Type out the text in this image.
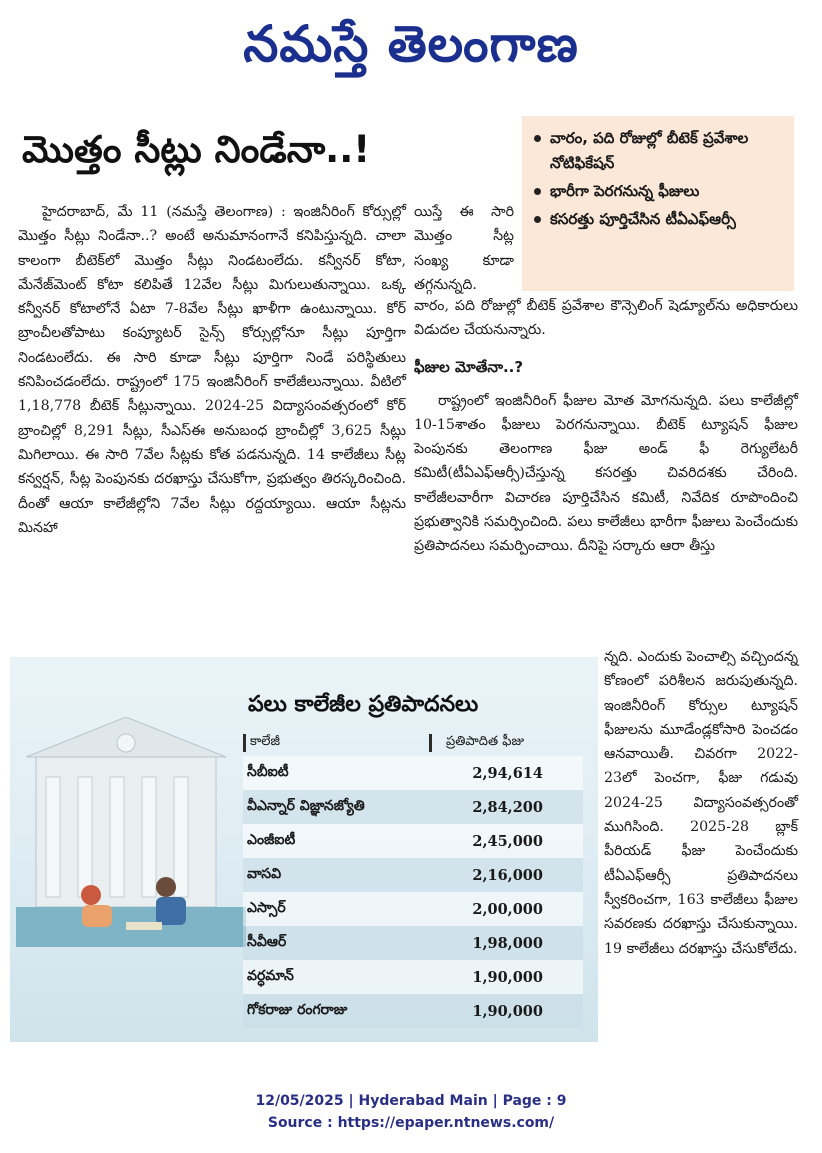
నమస్తే తెలంగాణ
మొత్తం సీట్లు నిండేనా..!	వారం, పది రోజుల్లో బీటెక్ ప్రవేశాల నోటిఫికేషన్
భారీగా పెరగనున్న ఫీజులు
కసరత్తు పూర్తిచేసిన టీఏఎఫ్ఆర్సీ
హైదరాబాద్, మే 11 (నమస్తే తెలంగాణ) : ఇంజినీరింగ్ కోర్సుల్లో మొత్తం సీట్లు నిండేనా..? అంటే అనుమానంగానే కనిపిస్తున్నది. చాలా కాలంగా బీటెక్‌లో మొత్తం సీట్లు నిండటంలేదు. కన్వీనర్ కోటా, మేనేజ్‌మెంట్ కోటా కలిపితే 12వేల సీట్లు మిగులుతున్నాయి. ఒక్క కన్వీనర్ కోటాలోనే ఏటా 7-8వేల సీట్లు ఖాళీగా ఉంటున్నాయి. కోర్ బ్రాంచీలతోపాటు కంప్యూటర్ సైన్స్ కోర్సుల్లోనూ సీట్లు పూర్తిగా నిండటంలేదు. ఈ సారి కూడా సీట్లు పూర్తిగా నిండే పరిస్థితులు కనిపించడంలేదు. రాష్ట్రంలో 175 ఇంజినీరింగ్ కాలేజీలున్నాయి. వీటిలో 1,18,778 బీటెక్ సీట్లున్నాయి. 2024-25 విద్యాసంవత్సరంలో కోర్ బ్రాంచిల్లో 8,291 సీట్లు, సీఎస్ఈ అనుబంధ బ్రాంచీల్లో 3,625 సీట్లు మిగిలాయి. ఈ సారి 7వేల సీట్లకు కోత పడనున్నది. 14 కాలేజీలు సీట్ల కన్వర్షన్, సీట్ల పెంపునకు దరఖాస్తు చేసుకోగా, ప్రభుత్వం తిరస్కరించింది. దీంతో ఆయా కాలేజీల్లోని 7వేల సీట్లు రద్దయ్యాయి. ఆయా సీట్లను మినహా
యిస్తే ఈ సారి మొత్తం సీట్ల సంఖ్య కూడా తగ్గనున్నది.

వారం, పది రోజుల్లో బీటెక్ ప్రవేశాల కౌన్సెలింగ్ షెడ్యూల్‌ను అధికారులు విడుదల చేయనున్నారు.

ఫీజుల మోతేనా..?

రాష్ట్రంలో ఇంజినీరింగ్ ఫీజుల మోత మోగనున్నది. పలు కాలేజీల్లో 10-15శాతం ఫీజులు పెరగనున్నాయి. బీటెక్ ట్యూషన్ ఫీజుల పెంపునకు తెలంగాణ ఫీజు అండ్ ఫీ రెగ్యులేటరీ కమిటీ(టీఏఎఫ్ఆర్సీ)చేస్తున్న కసరత్తు చివరిదశకు చేరింది. కాలేజీలవారీగా విచారణ పూర్తిచేసిన కమిటీ, నివేదిక రూపొందించి ప్రభుత్వానికి సమర్పించింది. పలు కాలేజీలు భారీగా ఫీజులు పెంచేందుకు ప్రతిపాదనలు సమర్పించాయి. దీనిపై సర్కారు ఆరా తీస్తు

న్నది. ఎందుకు పెంచాల్సి వచ్చిందన్న కోణంలో పరిశీలన జరుపుతున్నది. ఇంజినీరింగ్ కోర్సుల ట్యూషన్ ఫీజులను మూడేండ్లకోసారి పెంచడం ఆనవాయితీ. చివరగా 2022-23లో పెంచగా, ఫీజు గడువు 2024-25 విద్యాసంవత్సరంతో ముగిసింది. 2025-28 బ్లాక్ పీరియడ్ ఫీజు పెంచేందుకు టీఏఎఫ్ఆర్సీ ప్రతిపాదనలు స్వీకరించగా, 163 కాలేజీలు ఫీజుల సవరణకు దరఖాస్తు చేసుకున్నాయి. 19 కాలేజీలు దరఖాస్తు చేసుకోలేదు.
పలు కాలేజీల ప్రతిపాదనలు
కాలేజీ	ప్రతిపాదిత ఫీజు
సీబీఐటీ	2,94,614
వీఎన్నార్ విజ్ఞానజ్యోతి	2,84,200
ఎంజీఐటీ	2,45,000
వాసవి	2,16,000
ఎస్సార్	2,00,000
సీవీఆర్	1,98,000
వర్ధమాన్	1,90,000
గోకరాజు రంగరాజు	1,90,000
12/05/2025 | Hyderabad Main | Page : 9
Source : https://epaper.ntnews.com/
